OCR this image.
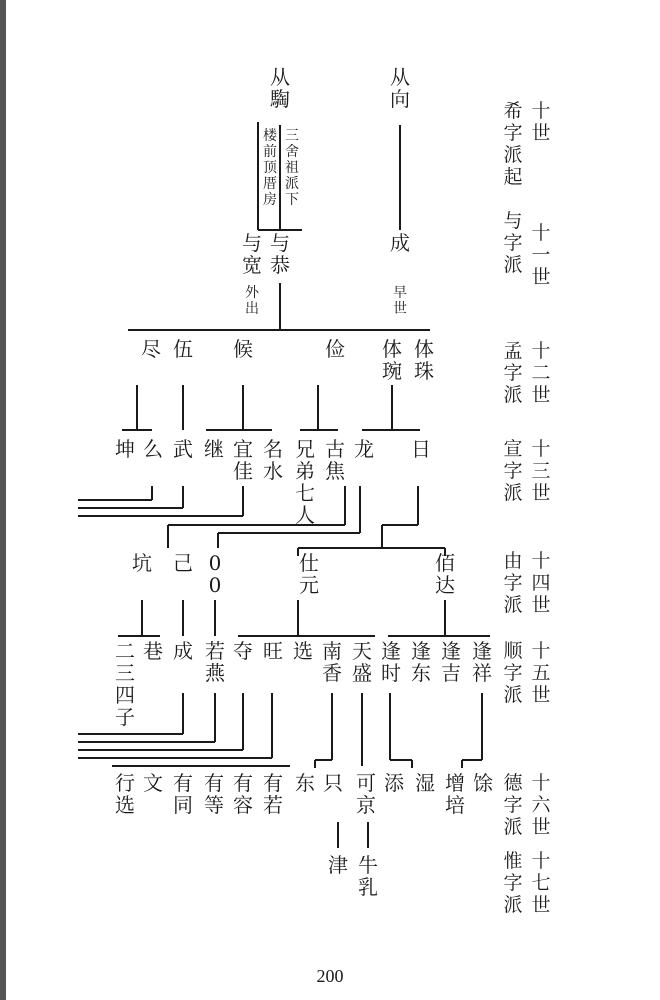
十
世
希
字
派
起
十
一
世
与
字
派
十
二
世
孟
字
派
十
三
世
宣
字
派
十
四
世
由
字
派
十
五
世
顺
字
派
十
六
世
德
字
派
十
七
世
惟
字
派
从
騊
从
向
三
舍
祖
派
下
楼
前
顶
厝
房
与
宽
与
恭
成
外
出
早
世
尽 伍 候	俭 体
琬
体
珠
坤 么 武 继 宜
佳
名
水
兄
弟
七
人
古
焦
龙 日
坑 己 0
0
仕
元
佰
达
二
三
四
子
巷 成 若
燕
夺 旺 选 南
香
天
盛
逢
时
逢
东
逢
吉
逢
祥
行
选
文 有
同
有
等
有
容
有
若
东 只 可
京
添 湿 增
培
馀
津 牛
乳
200
